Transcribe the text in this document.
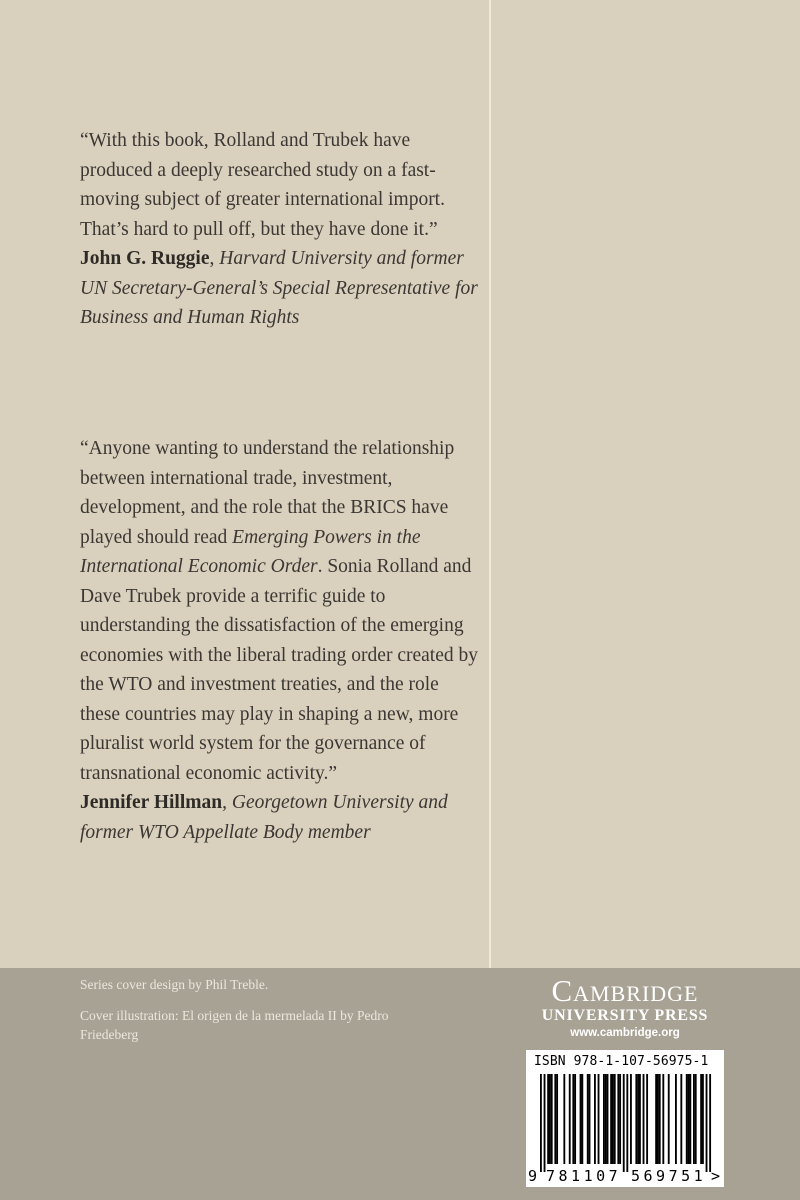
“With this book, Rolland and Trubek have produced a deeply researched study on a fast-moving subject of greater international import. That’s hard to pull off, but they have done it.”

John G. Ruggie, Harvard University and former UN Secretary-General’s Special Representative for Business and Human Rights

“Anyone wanting to understand the relationship between international trade, investment, development, and the role that the BRICS have played should read Emerging Powers in the International Economic Order. Sonia Rolland and Dave Trubek provide a terrific guide to understanding the dissatisfaction of the emerging economies with the liberal trading order created by the WTO and investment treaties, and the role these countries may play in shaping a new, more pluralist world system for the governance of transnational economic activity.”

Jennifer Hillman, Georgetown University and former WTO Appellate Body member

Series cover design by Phil Treble.

Cover illustration: El origen de la mermelada II by Pedro Friedeberg

Cambridge
UNIVERSITY PRESS
www.cambridge.org
ISBN 978-1-107-56975-1
9 781107 569751 >
